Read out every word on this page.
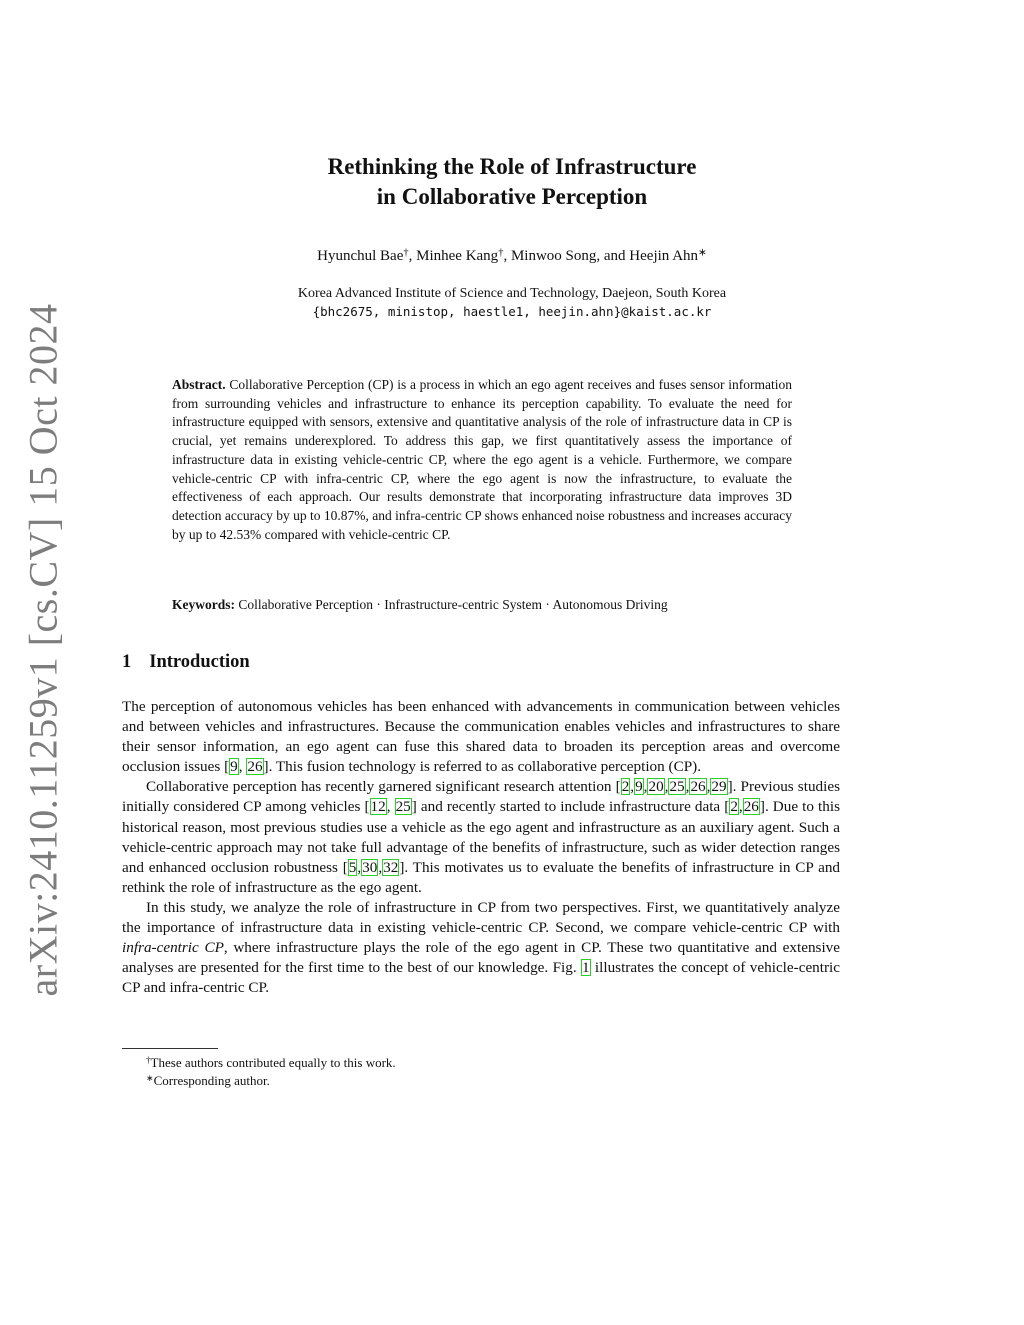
arXiv:2410.11259v1 [cs.CV] 15 Oct 2024
Rethinking the Role of Infrastructure
in Collaborative Perception
Hyunchul Bae†, Minhee Kang†, Minwoo Song, and Heejin Ahn∗
Korea Advanced Institute of Science and Technology, Daejeon, South Korea
{bhc2675, ministop, haestle1, heejin.ahn}@kaist.ac.kr
Abstract. Collaborative Perception (CP) is a process in which an ego agent receives and fuses sensor information from surrounding vehicles and infrastructure to enhance its perception capability. To evaluate the need for infrastructure equipped with sensors, extensive and quantitative analysis of the role of infrastructure data in CP is crucial, yet remains underexplored. To address this gap, we first quantitatively assess the importance of infrastructure data in existing vehicle-centric CP, where the ego agent is a vehicle. Furthermore, we compare vehicle-centric CP with infra-centric CP, where the ego agent is now the infrastructure, to evaluate the effectiveness of each approach. Our results demonstrate that incorporating infrastructure data improves 3D detection accuracy by up to 10.87%, and infra-centric CP shows enhanced noise robustness and increases accuracy by up to 42.53% compared with vehicle-centric CP.
Keywords: Collaborative Perception · Infrastructure-centric System · Autonomous Driving
1 Introduction

The perception of autonomous vehicles has been enhanced with advancements in communication between vehicles and between vehicles and infrastructures. Because the communication enables vehicles and infrastructures to share their sensor information, an ego agent can fuse this shared data to broaden its perception areas and overcome occlusion issues [9, 26]. This fusion technology is referred to as collaborative perception (CP).

Collaborative perception has recently garnered significant research attention [2,9,20,25,26,29]. Previous studies initially considered CP among vehicles [12, 25] and recently started to include infrastructure data [2,26]. Due to this historical reason, most previous studies use a vehicle as the ego agent and infrastructure as an auxiliary agent. Such a vehicle-centric approach may not take full advantage of the benefits of infrastructure, such as wider detection ranges and enhanced occlusion robustness [5,30,32]. This motivates us to evaluate the benefits of infrastructure in CP and rethink the role of infrastructure as the ego agent.

In this study, we analyze the role of infrastructure in CP from two perspectives. First, we quantitatively analyze the importance of infrastructure data in existing vehicle-centric CP. Second, we compare vehicle-centric CP with infra-centric CP, where infrastructure plays the role of the ego agent in CP. These two quantitative and extensive analyses are presented for the first time to the best of our knowledge. Fig. 1 illustrates the concept of vehicle-centric CP and infra-centric CP.

†These authors contributed equally to this work.
∗Corresponding author.
